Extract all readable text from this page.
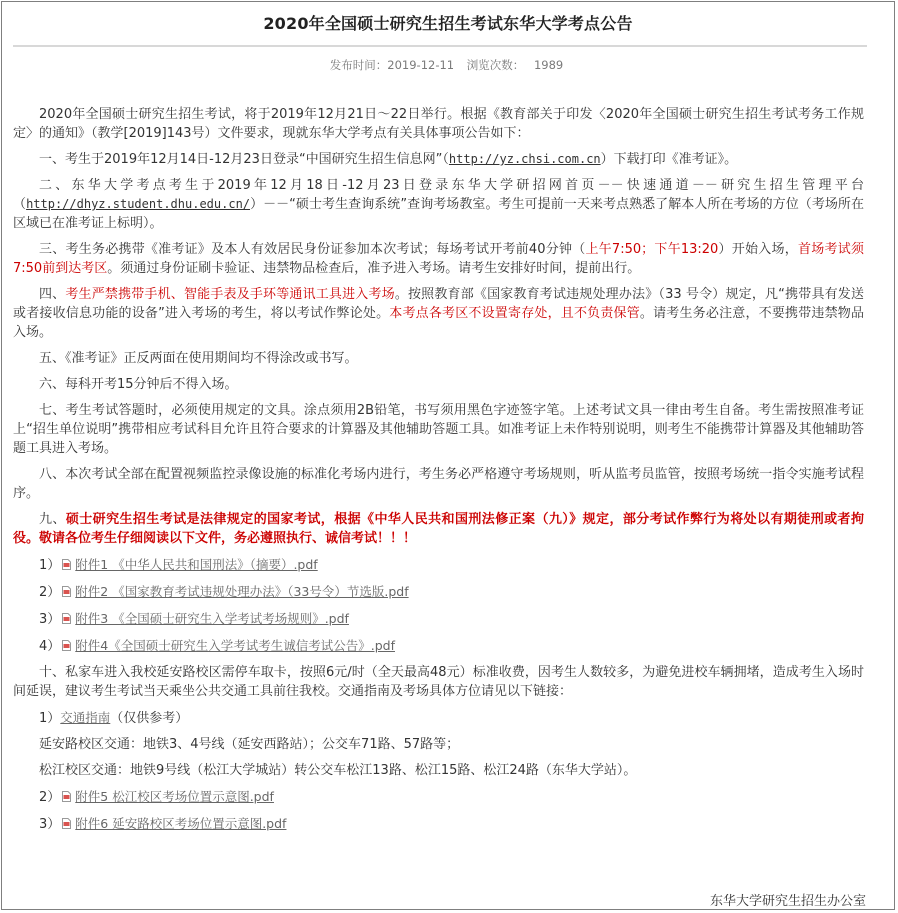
2020年全国硕士研究生招生考试东华大学考点公告
发布时间：2019-12-11 浏览次数： 1989

2020年全国硕士研究生招生考试，将于2019年12月21日～22日举行。根据《教育部关于印发〈2020年全国硕士研究生招生考试考务工作规定〉的通知》（教学[2019]143号）文件要求，现就东华大学考点有关具体事项公告如下：

一、考生于2019年12月14日-12月23日登录“中国研究生招生信息网”（http://yz.chsi.com.cn）下载打印《准考证》。

二、东华大学考点考生于2019年12月18日-12月23日登录东华大学研招网首页－－快速通道－－研究生招生管理平台（http://dhyz.student.dhu.edu.cn/）－－“硕士考生查询系统”查询考场教室。考生可提前一天来考点熟悉了解本人所在考场的方位（考场所在区域已在准考证上标明）。

三、考生务必携带《准考证》及本人有效居民身份证参加本次考试；每场考试开考前40分钟（上午7:50；下午13:20）开始入场，首场考试须7:50前到达考区。须通过身份证刷卡验证、违禁物品检查后，准予进入考场。请考生安排好时间，提前出行。

四、考生严禁携带手机、智能手表及手环等通讯工具进入考场。按照教育部《国家教育考试违规处理办法》（33 号令）规定，凡“携带具有发送或者接收信息功能的设备”进入考场的考生，将以考试作弊论处。本考点各考区不设置寄存处，且不负责保管。请考生务必注意，不要携带违禁物品入场。

五、《准考证》正反两面在使用期间均不得涂改或书写。

六、每科开考15分钟后不得入场。

七、考生考试答题时，必须使用规定的文具。涂点须用2B铅笔，书写须用黑色字迹签字笔。上述考试文具一律由考生自备。考生需按照准考证上“招生单位说明”携带相应考试科目允许且符合要求的计算器及其他辅助答题工具。如准考证上未作特别说明，则考生不能携带计算器及其他辅助答题工具进入考场。

八、本次考试全部在配置视频监控录像设施的标准化考场内进行，考生务必严格遵守考场规则，听从监考员监管，按照考场统一指令实施考试程序。

九、硕士研究生招生考试是法律规定的国家考试，根据《中华人民共和国刑法修正案（九）》规定，部分考试作弊行为将处以有期徒刑或者拘役。敬请各位考生仔细阅读以下文件，务必遵照执行、诚信考试！！！

1） 附件1 《中华人民共和国刑法》（摘要）.pdf
2） 附件2 《国家教育考试违规处理办法》（33号令）节选版.pdf
3） 附件3 《全国硕士研究生入学考试考场规则》.pdf
4） 附件4《全国硕士研究生入学考试考生诚信考试公告》.pdf

十、私家车进入我校延安路校区需停车取卡，按照6元/时（全天最高48元）标准收费，因考生人数较多，为避免进校车辆拥堵，造成考生入场时间延误，建议考生考试当天乘坐公共交通工具前往我校。交通指南及考场具体方位请见以下链接：

1）交通指南（仅供参考）
延安路校区交通：地铁3、4号线（延安西路站）；公交车71路、57路等；
松江校区交通：地铁9号线（松江大学城站）转公交车松江13路、松江15路、松江24路（东华大学站）。
2） 附件5 松江校区考场位置示意图.pdf
3） 附件6 延安路校区考场位置示意图.pdf
东华大学研究生招生办公室
